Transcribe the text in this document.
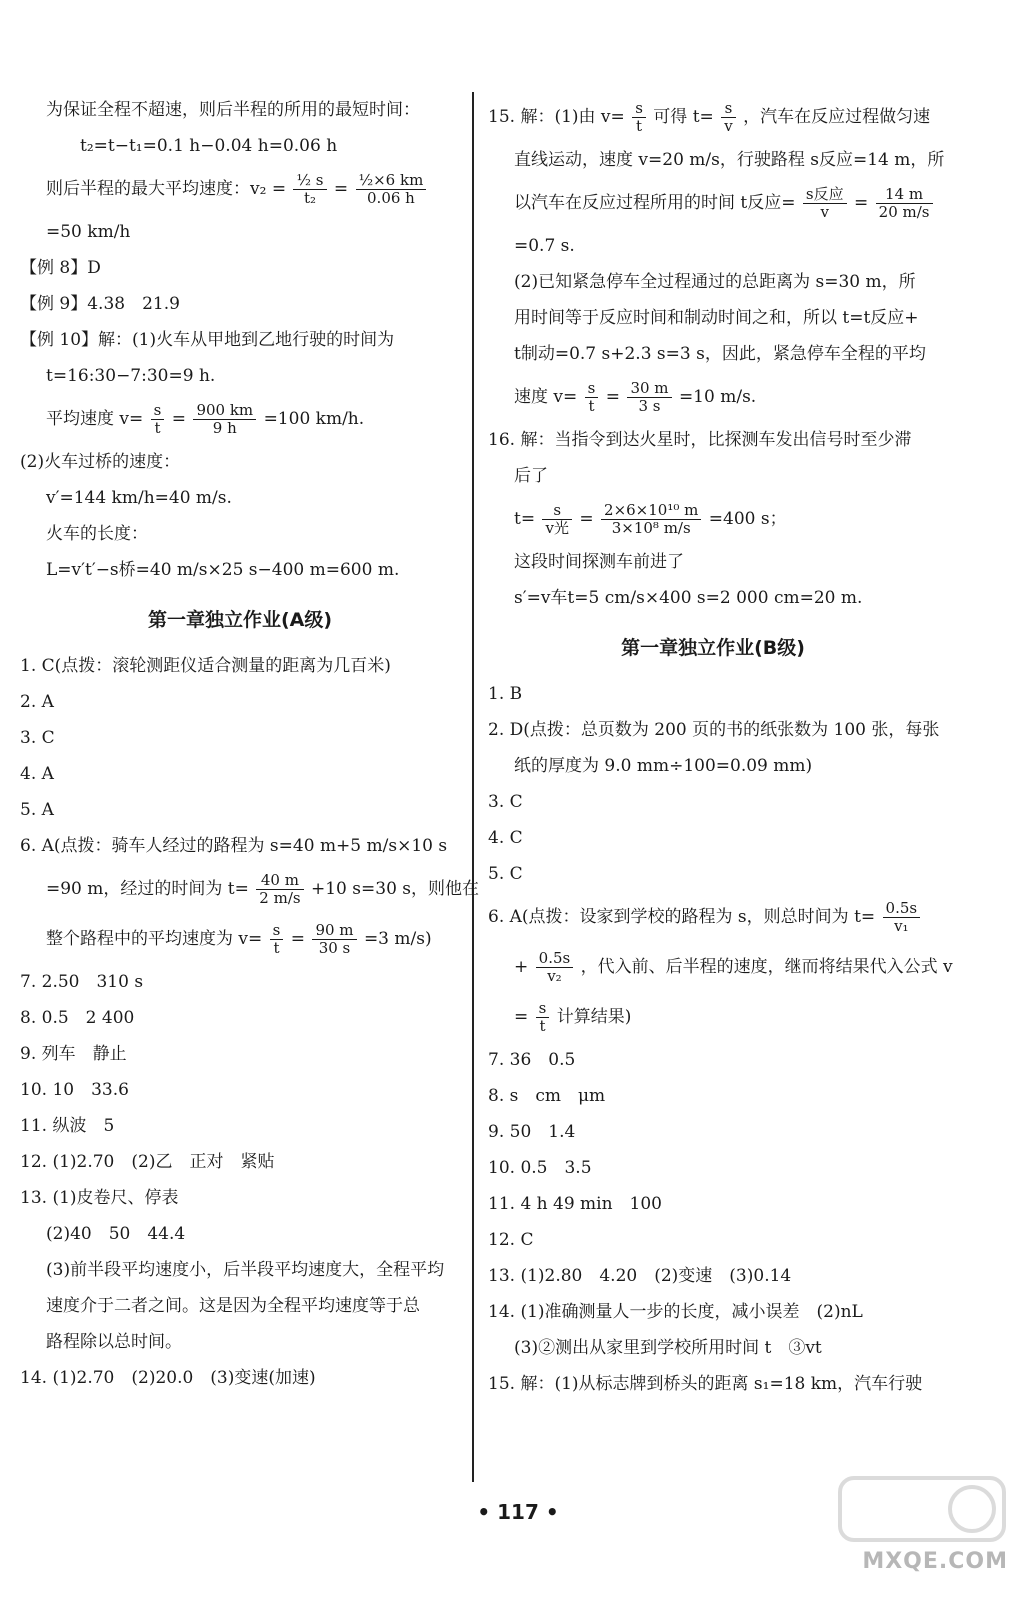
为保证全程不超速，则后半程的所用的最短时间：
t₂=t−t₁=0.1 h−0.04 h=0.06 h
则后半程的最大平均速度：$v_2 = \frac{\text{½ s}}{\text{t₂}} = \frac{\text{½×6 km}}{0.06 h}$
=50 km/h
【例 8】D
【例 9】4.38　21.9
【例 10】解：(1)火车从甲地到乙地行驶的时间为
t=16:30−7:30=9 h.
平均速度 $v= \frac{s}{t} = \frac{900 km}{9 h} =100$ km/h.
(2)火车过桥的速度：
v′=144 km/h=40 m/s.
火车的长度：
L=v′t′−s桥=40 m/s×25 s−400 m=600 m.
第一章独立作业(A级)
1. C(点拨：滚轮测距仪适合测量的距离为几百米)
2. A
3. C
4. A
5. A
6. A(点拨：骑车人经过的路程为 s=40 m+5 m/s×10 s
=90 m，经过的时间为 $t= \frac{40 m}{2 m/s} +10$ s=30 s，则他在
整个路程中的平均速度为 $v= \frac{s}{t} = \frac{90 m}{30 s} =3$ m/s)
7. 2.50　310 s
8. 0.5　2 400
9. 列车　静止
10. 10　33.6
11. 纵波　5
12. (1)2.70　(2)乙　正对　紧贴
13. (1)皮卷尺、停表
(2)40　50　44.4
(3)前半段平均速度小，后半段平均速度大，全程平均
速度介于二者之间。这是因为全程平均速度等于总
路程除以总时间。
14. (1)2.70　(2)20.0　(3)变速(加速)
15. 解：(1)由 $v= \frac{s}{t}$ 可得 $t= \frac{s}{v}$ ，汽车在反应过程做匀速
直线运动，速度 v=20 m/s，行驶路程 s反应=14 m，所
以汽车在反应过程所用的时间 t反应= $\frac{\text{s反应}}{v} = \frac{14 m}{20 m/s}$
=0.7 s.
(2)已知紧急停车全过程通过的总距离为 s=30 m，所
用时间等于反应时间和制动时间之和，所以 t=t反应+
t制动=0.7 s+2.3 s=3 s，因此，紧急停车全程的平均
速度 $v= \frac{s}{t} = \frac{30 m}{3 s} =10$ m/s.
16. 解：当指令到达火星时，比探测车发出信号时至少滞
后了
$t= \frac{s}{\text{v光}} = \frac{\text{2×6×10¹⁰ m}}{\text{3×10⁸ m/s}} =400$ s；
这段时间探测车前进了
s′=v车t=5 cm/s×400 s=2 000 cm=20 m.
第一章独立作业(B级)
1. B
2. D(点拨：总页数为 200 页的书的纸张数为 100 张，每张
纸的厚度为 9.0 mm÷100=0.09 mm)
3. C
4. C
5. C
6. A(点拨：设家到学校的路程为 s，则总时间为 $t= \frac{0.5s}{\text{v₁}}$
+ $\frac{0.5s}{\text{v₂}}$ ，代入前、后半程的速度，继而将结果代入公式 v
= $\frac{s}{t}$ 计算结果)
7. 36　0.5
8. s　cm　μm
9. 50　1.4
10. 0.5　3.5
11. 4 h 49 min　100
12. C
13. (1)2.80　4.20　(2)变速　(3)0.14
14. (1)准确测量人一步的长度，减小误差　(2)nL
(3)②测出从家里到学校所用时间 t　③vt
15. 解：(1)从标志牌到桥头的距离 s₁=18 km，汽车行驶
• 117 •
MXQE.COM
